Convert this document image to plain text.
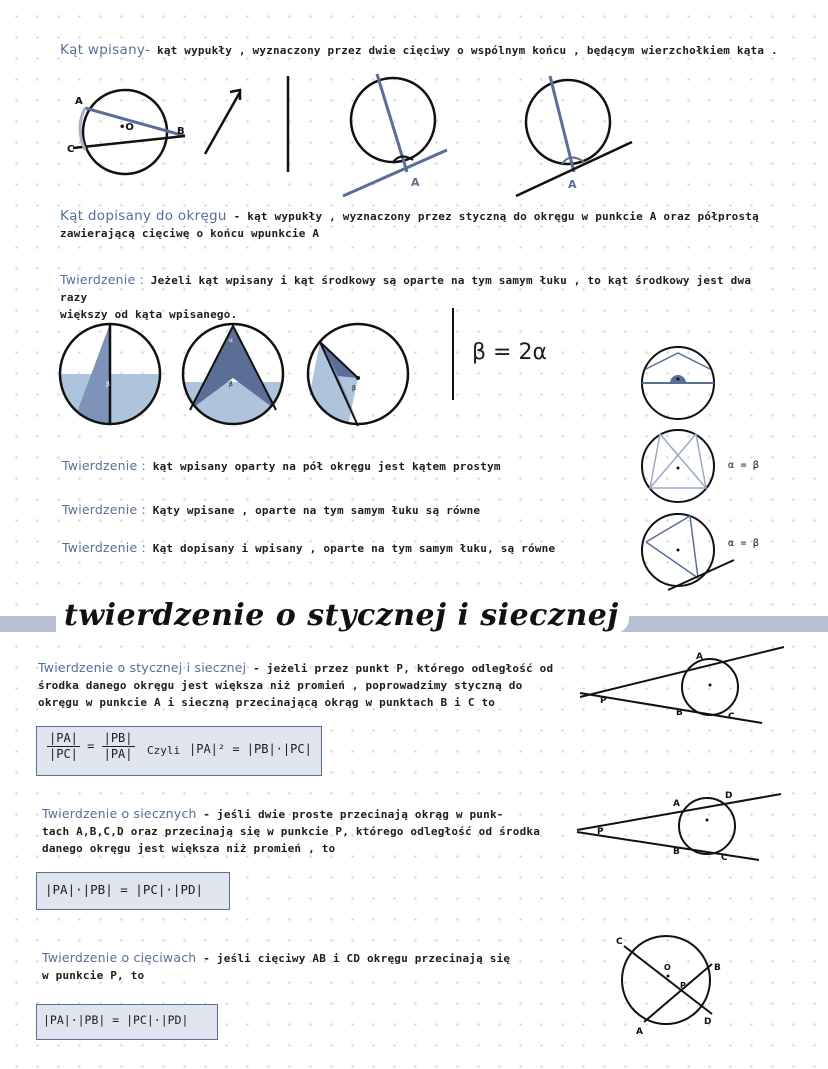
Kąt wpisany- kąt wypukły , wyznaczony przez dwie cięciwy o wspólnym końcu , będącym wierzchołkiem kąta .
A
C
B
•O
A	A
Kąt dopisany do okręgu - kąt wypukły , wyznaczony przez styczną do okręgu w punkcie A oraz półprostą
zawierającą cięciwę o końcu wpunkcie A
Twierdzenie : Jeżeli kąt wpisany i kąt środkowy są oparte na tym samym łuku , to kąt środkowy jest dwa razy
większy od kąta wpisanego.
β
α
β
β
β = 2α
Twierdzenie : kąt wpisany oparty na pół okręgu jest kątem prostym
Twierdzenie : Kąty wpisane , oparte na tym samym łuku są równe
Twierdzenie : Kąt dopisany i wpisany , oparte na tym samym łuku, są równe
α = β
α = β
twierdzenie o stycznej i siecznej
Twierdzenie o stycznej i siecznej - jeżeli przez punkt P, którego odległość od
środka danego okręgu jest większa niż promień , poprowadzimy styczną do
okręgu w punkcie A i sieczną przecinającą okrąg w punktach B i C to
$\frac{|PA|}{|PC|} = \frac{|PB|}{|PA|}$ Czyli |PA|² = |PB|·|PC|
A
P
B	C
Twierdzenie o siecznych - jeśli dwie proste przecinają okrąg w punk-
tach A,B,C,D oraz przecinają się w punkcie P, którego odległość od środka
danego okręgu jest większa niż promień , to
|PA|·|PB| = |PC|·|PD|
A
D
P
B
C
Twierdzenie o cięciwach - jeśli cięciwy AB i CD okręgu przecinają się
w punkcie P, to
|PA|·|PB| = |PC|·|PD|
C
O
P
B
A
D
